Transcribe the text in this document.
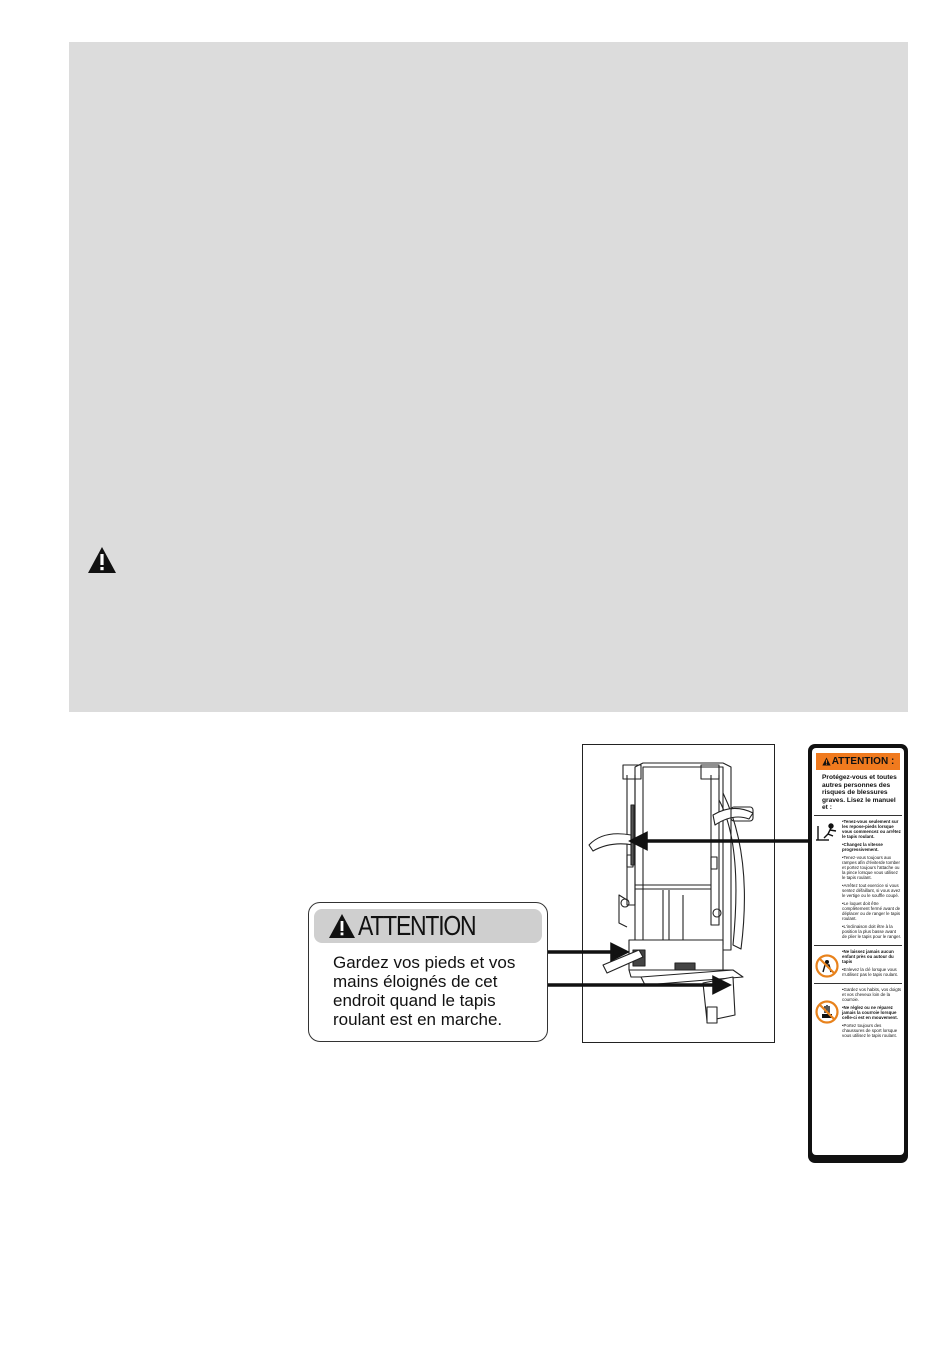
ATTENTION
Gardez vos pieds et vos mains éloignés de cet endroit quand le tapis roulant est en marche.
ATTENTION :
Protégez-vous et toutes autres personnes des risques de blessures graves. Lisez le manuel et :
•Tenez-vous seulement sur les repose-pieds lorsque vous commencez ou arrêtez le tapis roulant.
•Changez la vitesse progressivement.
•Tenez-vous toujours aux rampes afin d'éviterde tomber et portez toujours l'attache ou la pince lorsque vous utilisez le tapis roulant.
•Arrêtez tout exercice si vous sentez défaillant, si vous avez le vertige ou le souffle coupé.
•Le loquet doit être complètement fermé avant de déplacer ou de ranger le tapis roulant.
•L'inclinaison doit être à la position la plus basse avant de plier le tapis pour le ranger.
•Ne laissez jamais aucun enfant près ou autour du tapis
•Enlevez la clé lorsque vous n'utilisez pas le tapis roulant.
•Gardez vos habits, vos doigts et vos cheveux loin de la courroie.
•Ne réglez ou ne réparez jamais la courroie lorsque celle-ci est en mouvement.
•Portez toujours des chaussures de sport lorsque vous utilisez le tapis roulant.
